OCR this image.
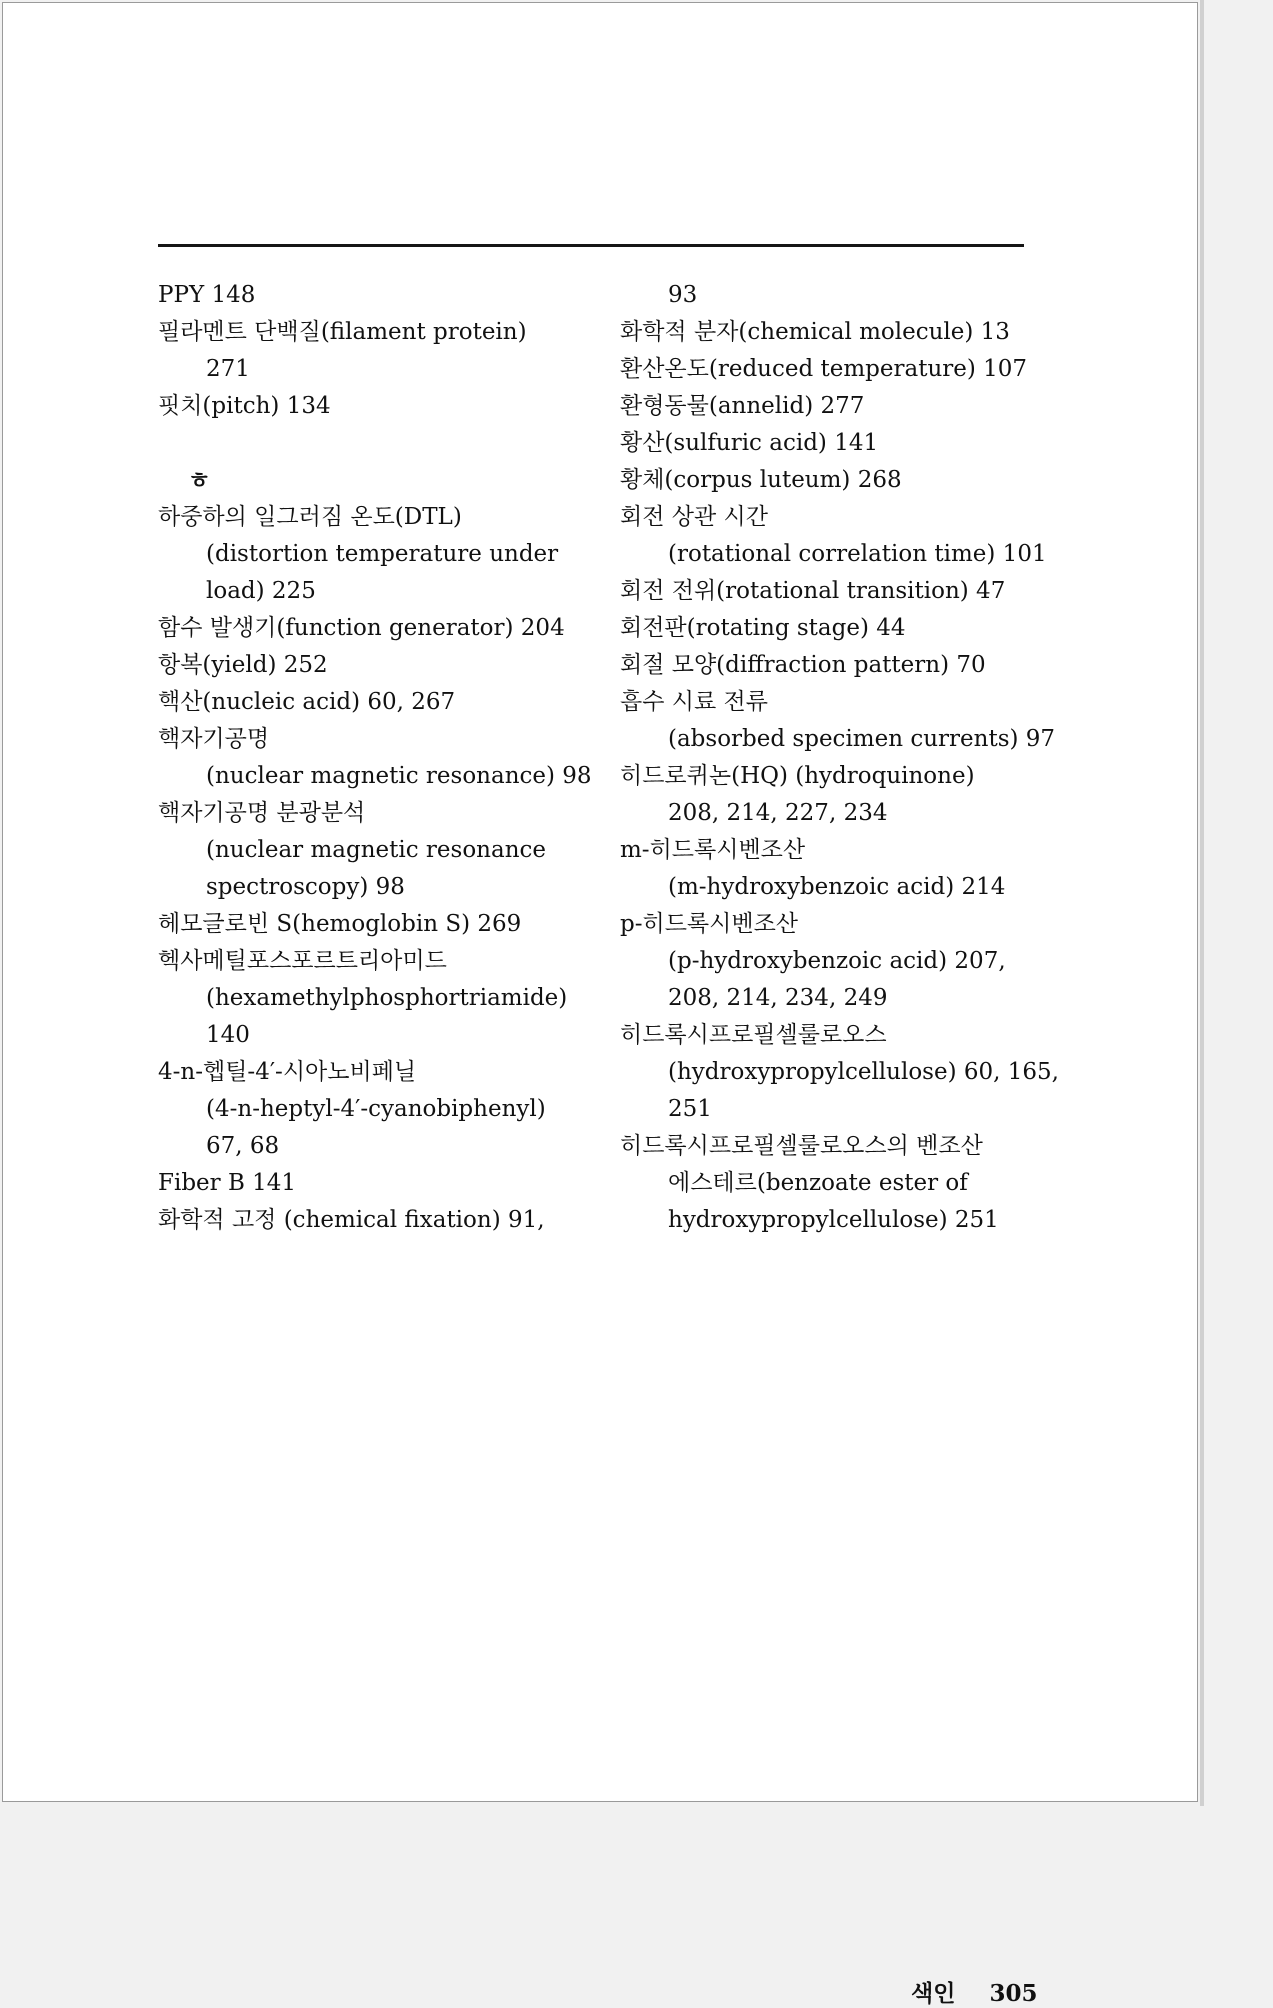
PPY 148
필라멘트 단백질(filament protein)
271
핏치(pitch) 134
ㅎ
하중하의 일그러짐 온도(DTL)
(distortion temperature under
load) 225
함수 발생기(function generator) 204
항복(yield) 252
핵산(nucleic acid) 60, 267
핵자기공명
(nuclear magnetic resonance) 98
핵자기공명 분광분석
(nuclear magnetic resonance
spectroscopy) 98
헤모글로빈 S(hemoglobin S) 269
헥사메틸포스포르트리아미드
(hexamethylphosphortriamide)
140
4-n-헵틸-4′-시아노비페닐
(4-n-heptyl-4′-cyanobiphenyl)
67, 68
Fiber B 141
화학적 고정 (chemical fixation) 91,
93
화학적 분자(chemical molecule) 13
환산온도(reduced temperature) 107
환형동물(annelid) 277
황산(sulfuric acid) 141
황체(corpus luteum) 268
회전 상관 시간
(rotational correlation time) 101
회전 전위(rotational transition) 47
회전판(rotating stage) 44
회절 모양(diffraction pattern) 70
흡수 시료 전류
(absorbed specimen currents) 97
히드로퀴논(HQ) (hydroquinone)
208, 214, 227, 234
m-히드록시벤조산
(m-hydroxybenzoic acid) 214
p-히드록시벤조산
(p-hydroxybenzoic acid) 207,
208, 214, 234, 249
히드록시프로필셀룰로오스
(hydroxypropylcellulose) 60, 165,
251
히드록시프로필셀룰로오스의 벤조산
에스테르(benzoate ester of
hydroxypropylcellulose) 251
색인 305
